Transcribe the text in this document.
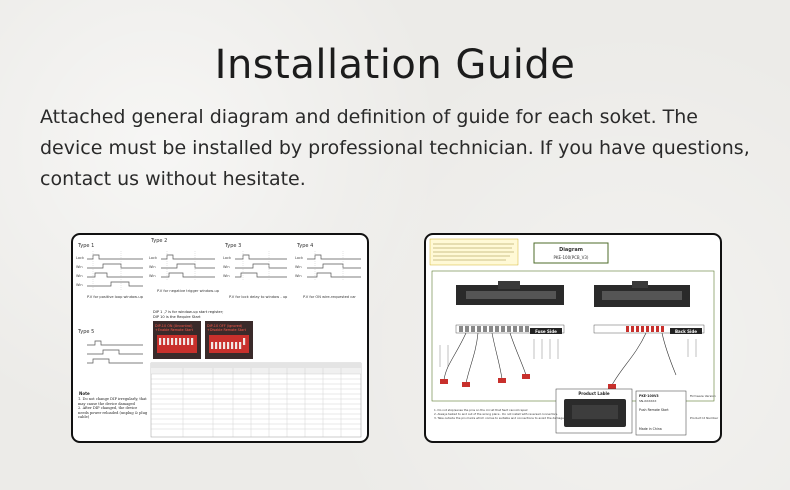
Installation Guide
Attached general diagram and definition of guide for each soket. The device must be installed by professional technician. If you have questions, contact us without hesitate.
Type 1
Type 2
Type 3	Type 4
Lock
Win
Win
Win
Lock
Win
Win
Lock
Win
Win
Lock
Win
Win
P.V for positive loop window-up
P.V for negative trigger window-up
P.V for lock delay to window - up	P.V for ON wire-requested car
Type 5
DIP 1 ,7 is for window-up start register;
DIP 10 is the Require Start
DIP-10 ON (Uncontrol)
+Enable Remote Start
DIP-10 OFF (ignored)
+Disable Remote Start
Note
1. Do not change DIP irregularly, that may cause the device damaged
2. After DIP changed, the device needs power reloaded (unplug & plug cable)
Diagram
PKE-100(PCB_V3)
Fuse Side	Back Side
Product Lable	PKE-100V3
SN-XXXXXX
Push Remote Start
Made in China
Firmware Version
Product Id Number
1. Do not stop/sense the pins on the circuit that fault cannot repair
2. Always tested to and out of the wrong place . Do not install with reversed connectors.
3. Take outside the pin marks which comes to suitable and connections to avoid the damage
